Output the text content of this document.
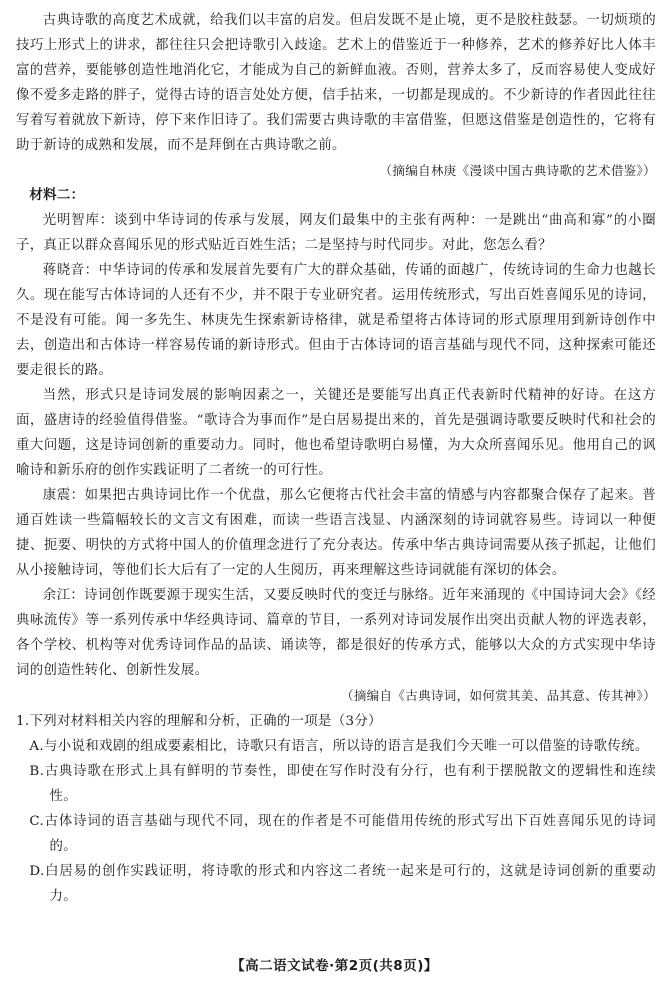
古典诗歌的高度艺术成就，给我们以丰富的启发。但启发既不是止境，更不是胶柱鼓瑟。一切烦琐的技巧上形式上的讲求，都往往只会把诗歌引入歧途。艺术上的借鉴近于一种修养，艺术的修养好比人体丰富的营养，要能够创造性地消化它，才能成为自己的新鲜血液。否则，营养太多了，反而容易使人变成好像不爱多走路的胖子，觉得古诗的语言处处方便，信手拈来，一切都是现成的。不少新诗的作者因此往往写着写着就放下新诗，停下来作旧诗了。我们需要古典诗歌的丰富借鉴，但愿这借鉴是创造性的，它将有助于新诗的成熟和发展，而不是拜倒在古典诗歌之前。

（摘编自林庚《漫谈中国古典诗歌的艺术借鉴》）

材料二：

光明智库：谈到中华诗词的传承与发展，网友们最集中的主张有两种：一是跳出“曲高和寡”的小圈子，真正以群众喜闻乐见的形式贴近百姓生活；二是坚持与时代同步。对此，您怎么看？

蒋晓音：中华诗词的传承和发展首先要有广大的群众基础，传诵的面越广，传统诗词的生命力也越长久。现在能写古体诗词的人还有不少，并不限于专业研究者。运用传统形式，写出百姓喜闻乐见的诗词，不是没有可能。闻一多先生、林庚先生探索新诗格律，就是希望将古体诗词的形式原理用到新诗创作中去，创造出和古体诗一样容易传诵的新诗形式。但由于古体诗词的语言基础与现代不同，这种探索可能还要走很长的路。

当然，形式只是诗词发展的影响因素之一，关键还是要能写出真正代表新时代精神的好诗。在这方面，盛唐诗的经验值得借鉴。“歌诗合为事而作”是白居易提出来的，首先是强调诗歌要反映时代和社会的重大问题，这是诗词创新的重要动力。同时，他也希望诗歌明白易懂，为大众所喜闻乐见。他用自己的讽喻诗和新乐府的创作实践证明了二者统一的可行性。

康震：如果把古典诗词比作一个优盘，那么它便将古代社会丰富的情感与内容都聚合保存了起来。普通百姓读一些篇幅较长的文言文有困难，而读一些语言浅显、内涵深刻的诗词就容易些。诗词以一种便捷、扼要、明快的方式将中国人的价值理念进行了充分表达。传承中华古典诗词需要从孩子抓起，让他们从小接触诗词，等他们长大后有了一定的人生阅历，再来理解这些诗词就能有深切的体会。

余江：诗词创作既要源于现实生活，又要反映时代的变迁与脉络。近年来涌现的《中国诗词大会》《经典咏流传》等一系列传承中华经典诗词、篇章的节目，一系列对诗词发展作出突出贡献人物的评选表彰，各个学校、机构等对优秀诗词作品的品读、诵读等，都是很好的传承方式，能够以大众的方式实现中华诗词的创造性转化、创新性发展。

（摘编自《古典诗词，如何赏其美、品其意、传其神》）

1.下列对材料相关内容的理解和分析，正确的一项是（3分）

A.与小说和戏剧的组成要素相比，诗歌只有语言，所以诗的语言是我们今天唯一可以借鉴的诗歌传统。

B.古典诗歌在形式上具有鲜明的节奏性，即使在写作时没有分行，也有利于摆脱散文的逻辑性和连续性。

C.古体诗词的语言基础与现代不同，现在的作者是不可能借用传统的形式写出下百姓喜闻乐见的诗词的。

D.白居易的创作实践证明，将诗歌的形式和内容这二者统一起来是可行的，这就是诗词创新的重要动力。

【高二语文试卷·第2页(共8页)】
